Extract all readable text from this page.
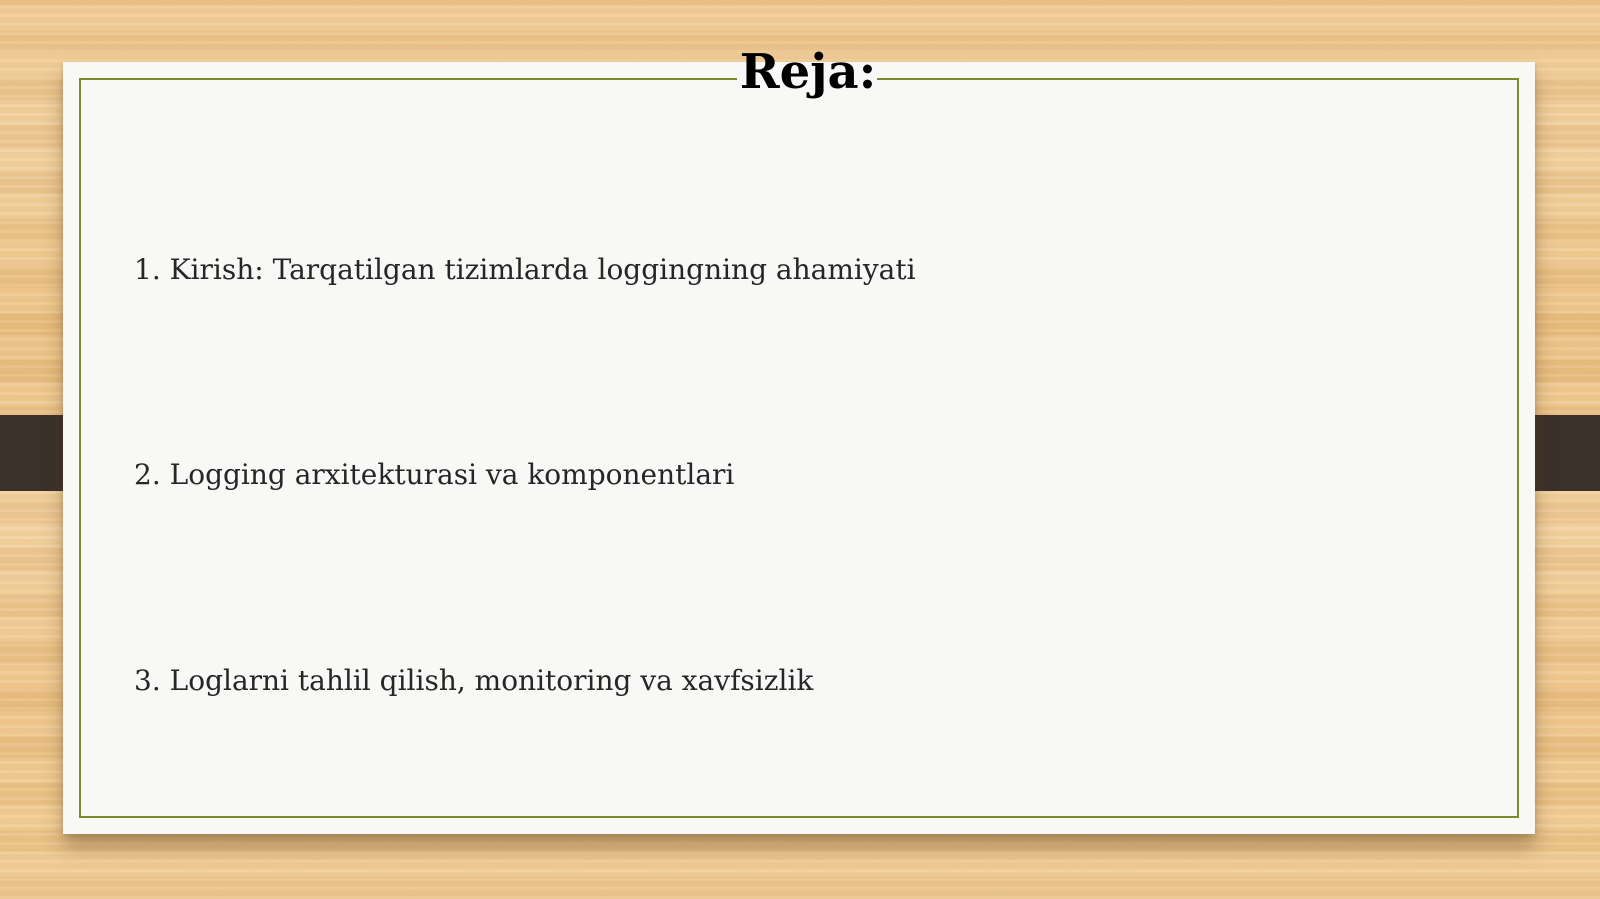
Reja:

1. Kirish: Tarqatilgan tizimlarda loggingning ahamiyati

2. Logging arxitekturasi va komponentlari

3. Loglarni tahlil qilish, monitoring va xavfsizlik
